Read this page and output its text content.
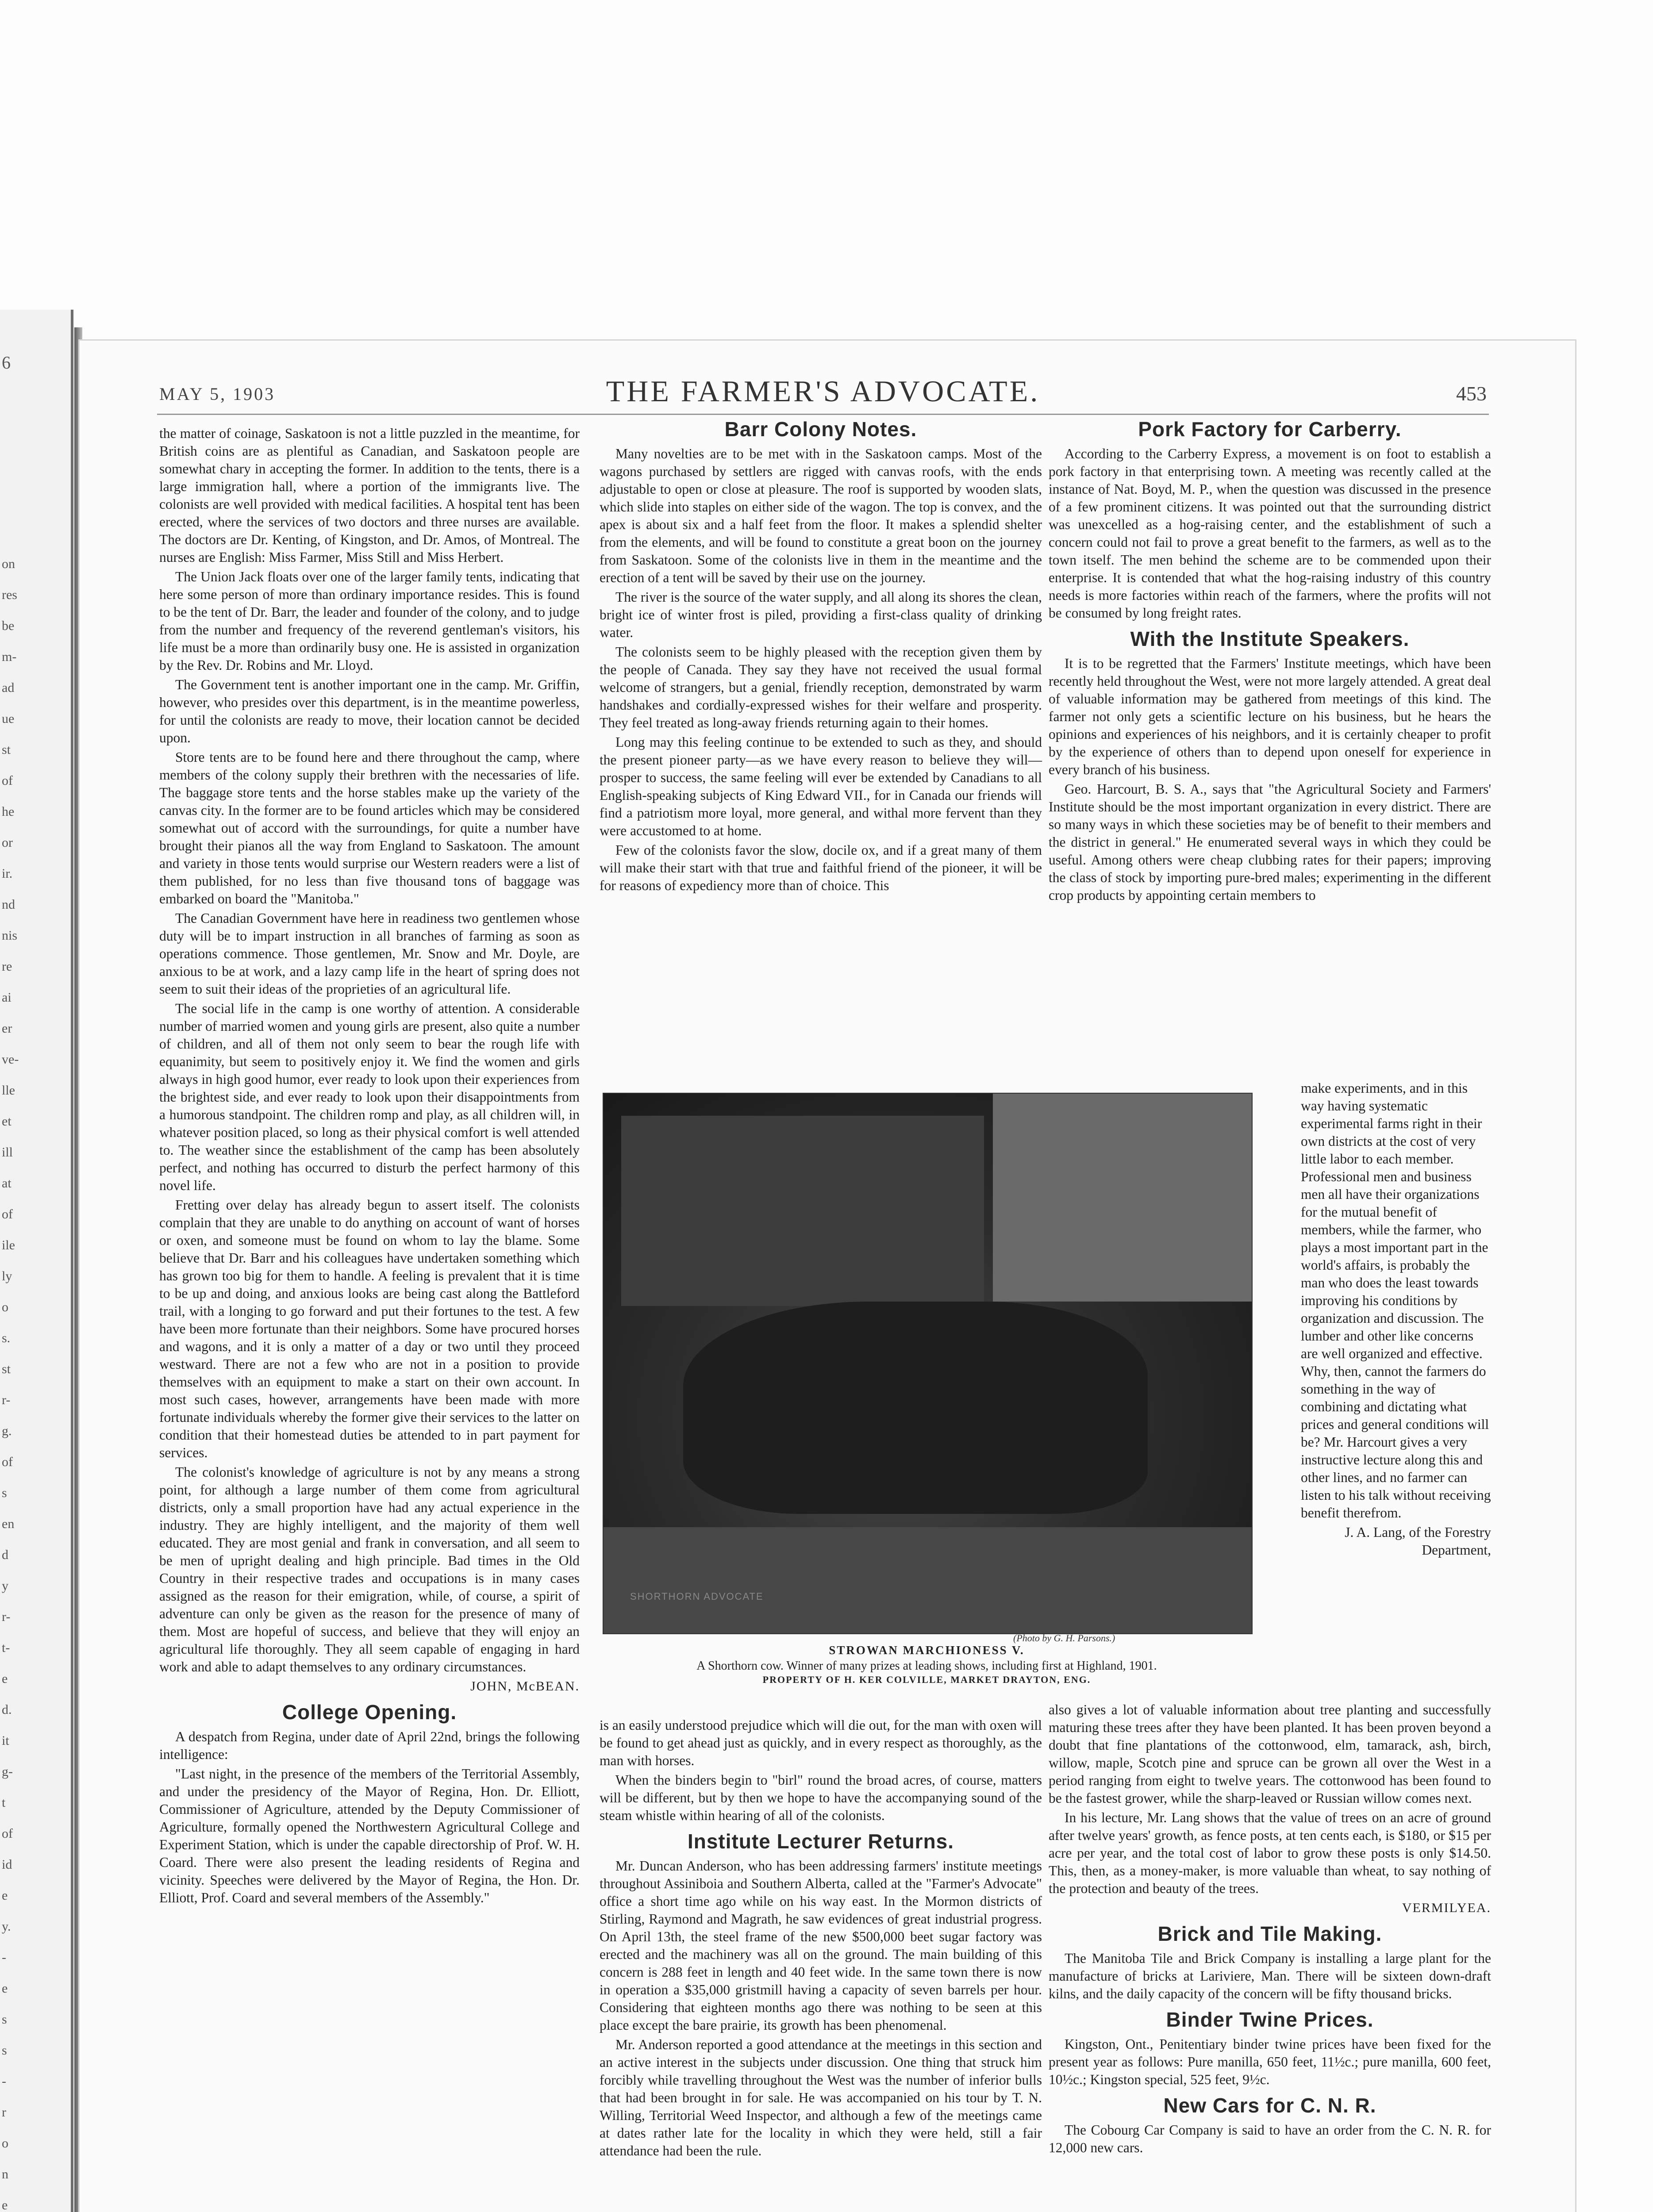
6
on
res
be
m-
ad
ue
st
of
he
or
ir.
nd
nis
re
ai
er
ve-
lle
et
ill
at
of
ile
ly
o
s.
st
r-
g.
of
s
en
d
y
r-
t-
e
d.
it
g-
t
of
id
e
y.
-
e
s
s
-
r
o
n
e
MAY 5, 1903	THE FARMER'S ADVOCATE.	453

the matter of coinage, Saskatoon is not a little puzzled in the meantime, for British coins are as plentiful as Canadian, and Saskatoon people are somewhat chary in accepting the former. In addition to the tents, there is a large immigration hall, where a portion of the immigrants live. The colonists are well provided with medical facilities. A hospital tent has been erected, where the services of two doctors and three nurses are available. The doctors are Dr. Kenting, of Kingston, and Dr. Amos, of Montreal. The nurses are English: Miss Farmer, Miss Still and Miss Herbert.

The Union Jack floats over one of the larger family tents, indicating that here some person of more than ordinary importance resides. This is found to be the tent of Dr. Barr, the leader and founder of the colony, and to judge from the number and frequency of the reverend gentleman's visitors, his life must be a more than ordinarily busy one. He is assisted in organization by the Rev. Dr. Robins and Mr. Lloyd.

The Government tent is another important one in the camp. Mr. Griffin, however, who presides over this department, is in the meantime powerless, for until the colonists are ready to move, their location cannot be decided upon.

Store tents are to be found here and there throughout the camp, where members of the colony supply their brethren with the necessaries of life. The baggage store tents and the horse stables make up the variety of the canvas city. In the former are to be found articles which may be considered somewhat out of accord with the surroundings, for quite a number have brought their pianos all the way from England to Saskatoon. The amount and variety in those tents would surprise our Western readers were a list of them published, for no less than five thousand tons of baggage was embarked on board the "Manitoba."

The Canadian Government have here in readiness two gentlemen whose duty will be to impart instruction in all branches of farming as soon as operations commence. Those gentlemen, Mr. Snow and Mr. Doyle, are anxious to be at work, and a lazy camp life in the heart of spring does not seem to suit their ideas of the proprieties of an agricultural life.

The social life in the camp is one worthy of attention. A considerable number of married women and young girls are present, also quite a number of children, and all of them not only seem to bear the rough life with equanimity, but seem to positively enjoy it. We find the women and girls always in high good humor, ever ready to look upon their experiences from the brightest side, and ever ready to look upon their disappointments from a humorous standpoint. The children romp and play, as all children will, in whatever position placed, so long as their physical comfort is well attended to. The weather since the establishment of the camp has been absolutely perfect, and nothing has occurred to disturb the perfect harmony of this novel life.

Fretting over delay has already begun to assert itself. The colonists complain that they are unable to do anything on account of want of horses or oxen, and someone must be found on whom to lay the blame. Some believe that Dr. Barr and his colleagues have undertaken something which has grown too big for them to handle. A feeling is prevalent that it is time to be up and doing, and anxious looks are being cast along the Battleford trail, with a longing to go forward and put their fortunes to the test. A few have been more fortunate than their neighbors. Some have procured horses and wagons, and it is only a matter of a day or two until they proceed westward. There are not a few who are not in a position to provide themselves with an equipment to make a start on their own account. In most such cases, however, arrangements have been made with more fortunate individuals whereby the former give their services to the latter on condition that their homestead duties be attended to in part payment for services.

The colonist's knowledge of agriculture is not by any means a strong point, for although a large number of them come from agricultural districts, only a small proportion have had any actual experience in the industry. They are highly intelligent, and the majority of them well educated. They are most genial and frank in conversation, and all seem to be men of upright dealing and high principle. Bad times in the Old Country in their respective trades and occupations is in many cases assigned as the reason for their emigration, while, of course, a spirit of adventure can only be given as the reason for the presence of many of them. Most are hopeful of success, and believe that they will enjoy an agricultural life thoroughly. They all seem capable of engaging in hard work and able to adapt themselves to any ordinary circumstances.

JOHN, McBEAN.

College Opening.

A despatch from Regina, under date of April 22nd, brings the following intelligence:

"Last night, in the presence of the members of the Territorial Assembly, and under the presidency of the Mayor of Regina, Hon. Dr. Elliott, Commissioner of Agriculture, attended by the Deputy Commissioner of Agriculture, formally opened the Northwestern Agricultural College and Experiment Station, which is under the capable directorship of Prof. W. H. Coard. There were also present the leading residents of Regina and vicinity. Speeches were delivered by the Mayor of Regina, the Hon. Dr. Elliott, Prof. Coard and several members of the Assembly."

Barr Colony Notes.

Many novelties are to be met with in the Saskatoon camps. Most of the wagons purchased by settlers are rigged with canvas roofs, with the ends adjustable to open or close at pleasure. The roof is supported by wooden slats, which slide into staples on either side of the wagon. The top is convex, and the apex is about six and a half feet from the floor. It makes a splendid shelter from the elements, and will be found to constitute a great boon on the journey from Saskatoon. Some of the colonists live in them in the meantime and the erection of a tent will be saved by their use on the journey.

The river is the source of the water supply, and all along its shores the clean, bright ice of winter frost is piled, providing a first-class quality of drinking water.

The colonists seem to be highly pleased with the reception given them by the people of Canada. They say they have not received the usual formal welcome of strangers, but a genial, friendly reception, demonstrated by warm handshakes and cordially-expressed wishes for their welfare and prosperity. They feel treated as long-away friends returning again to their homes.

Long may this feeling continue to be extended to such as they, and should the present pioneer party—as we have every reason to believe they will—prosper to success, the same feeling will ever be extended by Canadians to all English-speaking subjects of King Edward VII., for in Canada our friends will find a patriotism more loyal, more general, and withal more fervent than they were accustomed to at home.

Few of the colonists favor the slow, docile ox, and if a great many of them will make their start with that true and faithful friend of the pioneer, it will be for reasons of expediency more than of choice. This

SHORTHORN ADVOCATE
(Photo by G. H. Parsons.)
STROWAN MARCHIONESS V.
A Shorthorn cow. Winner of many prizes at leading shows, including first at Highland, 1901.
PROPERTY OF H. KER COLVILLE, MARKET DRAYTON, ENG.

is an easily understood prejudice which will die out, for the man with oxen will be found to get ahead just as quickly, and in every respect as thoroughly, as the man with horses.

When the binders begin to "birl" round the broad acres, of course, matters will be different, but by then we hope to have the accompanying sound of the steam whistle within hearing of all of the colonists.

Institute Lecturer Returns.

Mr. Duncan Anderson, who has been addressing farmers' institute meetings throughout Assiniboia and Southern Alberta, called at the "Farmer's Advocate" office a short time ago while on his way east. In the Mormon districts of Stirling, Raymond and Magrath, he saw evidences of great industrial progress. On April 13th, the steel frame of the new $500,000 beet sugar factory was erected and the machinery was all on the ground. The main building of this concern is 288 feet in length and 40 feet wide. In the same town there is now in operation a $35,000 gristmill having a capacity of seven barrels per hour. Considering that eighteen months ago there was nothing to be seen at this place except the bare prairie, its growth has been phenomenal.

Mr. Anderson reported a good attendance at the meetings in this section and an active interest in the subjects under discussion. One thing that struck him forcibly while travelling throughout the West was the number of inferior bulls that had been brought in for sale. He was accompanied on his tour by T. N. Willing, Territorial Weed Inspector, and although a few of the meetings came at dates rather late for the locality in which they were held, still a fair attendance had been the rule.

Pork Factory for Carberry.

According to the Carberry Express, a movement is on foot to establish a pork factory in that enterprising town. A meeting was recently called at the instance of Nat. Boyd, M. P., when the question was discussed in the presence of a few prominent citizens. It was pointed out that the surrounding district was unexcelled as a hog-raising center, and the establishment of such a concern could not fail to prove a great benefit to the farmers, as well as to the town itself. The men behind the scheme are to be commended upon their enterprise. It is contended that what the hog-raising industry of this country needs is more factories within reach of the farmers, where the profits will not be consumed by long freight rates.

With the Institute Speakers.

It is to be regretted that the Farmers' Institute meetings, which have been recently held throughout the West, were not more largely attended. A great deal of valuable information may be gathered from meetings of this kind. The farmer not only gets a scientific lecture on his business, but he hears the opinions and experiences of his neighbors, and it is certainly cheaper to profit by the experience of others than to depend upon oneself for experience in every branch of his business.

Geo. Harcourt, B. S. A., says that "the Agricultural Society and Farmers' Institute should be the most important organization in every district. There are so many ways in which these societies may be of benefit to their members and the district in general." He enumerated several ways in which they could be useful. Among others were cheap clubbing rates for their papers; improving the class of stock by importing pure-bred males; experimenting in the different crop products by appointing certain members to

make experiments, and in this way having systematic experimental farms right in their own districts at the cost of very little labor to each member. Professional men and business men all have their organizations for the mutual benefit of members, while the farmer, who plays a most important part in the world's affairs, is probably the man who does the least towards improving his conditions by organization and discussion. The lumber and other like concerns are well organized and effective. Why, then, cannot the farmers do something in the way of combining and dictating what prices and general conditions will be? Mr. Harcourt gives a very instructive lecture along this and other lines, and no farmer can listen to his talk without receiving benefit therefrom.

J. A. Lang, of the Forestry Department,

also gives a lot of valuable information about tree planting and successfully maturing these trees after they have been planted. It has been proven beyond a doubt that fine plantations of the cottonwood, elm, tamarack, ash, birch, willow, maple, Scotch pine and spruce can be grown all over the West in a period ranging from eight to twelve years. The cottonwood has been found to be the fastest grower, while the sharp-leaved or Russian willow comes next.

In his lecture, Mr. Lang shows that the value of trees on an acre of ground after twelve years' growth, as fence posts, at ten cents each, is $180, or $15 per acre per year, and the total cost of labor to grow these posts is only $14.50. This, then, as a money-maker, is more valuable than wheat, to say nothing of the protection and beauty of the trees.

VERMILYEA.

Brick and Tile Making.

The Manitoba Tile and Brick Company is installing a large plant for the manufacture of bricks at Lariviere, Man. There will be sixteen down-draft kilns, and the daily capacity of the concern will be fifty thousand bricks.

Binder Twine Prices.

Kingston, Ont., Penitentiary binder twine prices have been fixed for the present year as follows: Pure manilla, 650 feet, 11½c.; pure manilla, 600 feet, 10½c.; Kingston special, 525 feet, 9½c.

New Cars for C. N. R.

The Cobourg Car Company is said to have an order from the C. N. R. for 12,000 new cars.
